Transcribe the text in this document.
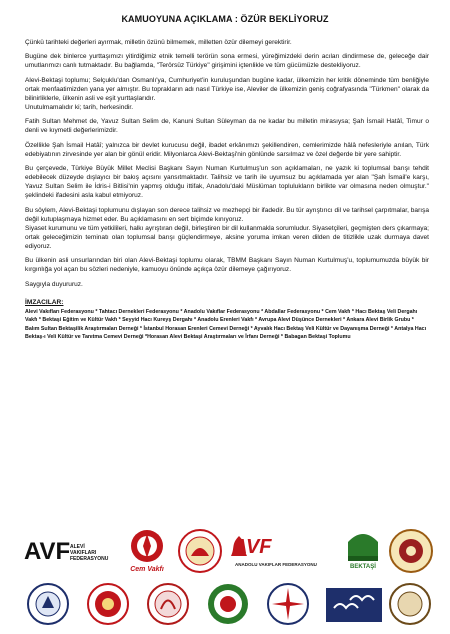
KAMUOYUNA AÇIKLAMA : ÖZÜR BEKLİYORUZ

Çünkü tarihteki değerleri ayırmak, milletin özünü bilmemek, milletten özür dilemeyi gerektirir.

Bugüne dek binlerce yurttaşımızı yitirdiğimiz etnik temelli terörün sona ermesi, yüreğimizdeki derin acıları dindirmese de, geleceğe dair umutlarımızı canlı tutmaktadır. Bu bağlamda, "Terörsüz Türkiye" girişimini içtenlikle ve tüm gücümüzle destekliyoruz.

Alevi-Bektaşi toplumu; Selçuklu'dan Osmanlı'ya, Cumhuriyet'in kuruluşundan bugüne kadar, ülkemizin her kritik döneminde tüm benliğiyle ortak menfaatimizden yana yer almıştır. Bu toprakların adı nasıl Türkiye ise, Aleviler de ülkemizin geniş coğrafyasında "Türkmen" olarak da bilinirliklerle, ülkenin asli ve eşit yurttaşlarıdır.

Unutulmamalıdır ki; tarih, herkesindir.

Fatih Sultan Mehmet de, Yavuz Sultan Selim de, Kanuni Sultan Süleyman da ne kadar bu milletin mirasıysa; Şah İsmail Hatâî, Timur o denli ve kıymetli değerlerimizdir.

Özellikle Şah İsmail Hatâî; yalnızca bir devlet kurucusu değil, ibadet erkânımızı şekillendiren, cemlerimizde hâlâ nefesleriyle anılan, Türk edebiyatının zirvesinde yer alan bir gönül eridir. Milyonlarca Alevi-Bektaşi'nin gönlünde sarsılmaz ve özel değerde bir yere sahiptir.

Bu çerçevede, Türkiye Büyük Millet Meclisi Başkanı Sayın Numan Kurtulmuş'un son açıklamaları, ne yazık ki toplumsal barışı tehdit edebilecek düzeyde dışlayıcı bir bakış açısını yansıtmaktadır. Talihsiz ve tarih ile uyumsuz bu açıklamada yer alan "Şah İsmail'e karşı, Yavuz Sultan Selim ile İdris-i Bitlisi'nin yapmış olduğu ittifak, Anadolu'daki Müslüman toplulukların birlikte var olmasına neden olmuştur." şeklindeki ifadesini asla kabul etmiyoruz.

Bu söylem, Alevi-Bektaşi toplumunu dışlayan son derece talihsiz ve mezhepçi bir ifadedir. Bu tür ayrıştırıcı dil ve tarihsel çarpıtmalar, barışa değil kutuplaşmaya hizmet eder. Bu açıklamasını en sert biçimde kınıyoruz.

Siyaset kurumunu ve tüm yetkilileri, halkı ayrıştıran değil, birleştiren bir dil kullanmakla sorumludur. Siyasetçileri, geçmişten ders çıkarmaya; ortak geleceğimizin teminatı olan toplumsal barışı güçlendirmeye, aksine yoruma imkan veren dilden de titizlikle uzak durmaya davet ediyoruz.

Bu ülkenin asli unsurlarından biri olan Alevi-Bektaşi toplumu olarak, TBMM Başkanı Sayın Numan Kurtulmuş'u, toplumumuzda büyük bir kırgınlığa yol açan bu sözleri nedeniyle, kamuoyu önünde açıkça özür dilemeye çağırıyoruz.

Saygıyla duyururuz.

İMZACILAR:
Alevi Vakıfları Federasyonu * Tahtacı Dernekleri Federasyonu * Anadolu Vakıflar Federasyonu * Abdallar Federasyonu * Cem Vakfı * Hacı Bektaş Veli Dergahı Vakfı * Bektaşi Eğitim ve Kültür Vakfı * Seyyid Hacı Kureyş Dergahı * Anadolu Erenleri Vakfı * Avrupa Alevi Düşünce Dernekleri * Ankara Alevi Birlik Grubu * Balım Sultan Bektaşilik Araştırmaları Derneği * İstanbul Horasan Erenleri Cemevi Derneği * Ayvalık Hacı Bektaş Veli Kültür ve Dayanışma Derneği * Antalya Hacı Bektaş-ı Veli Kültür ve Tanıtma Cemevi Derneği *Horasan Alevi Bektaşi Araştırmaları ve İrfanı Derneği * Babagan Bektaşi Toplumu
AVF ALEVİ
VAKIFLARI
FEDERASYONU
Cem Vakfı
AVF
ANADOLU VAKIFLAR FEDERASYONU	BEKTAŞİ
